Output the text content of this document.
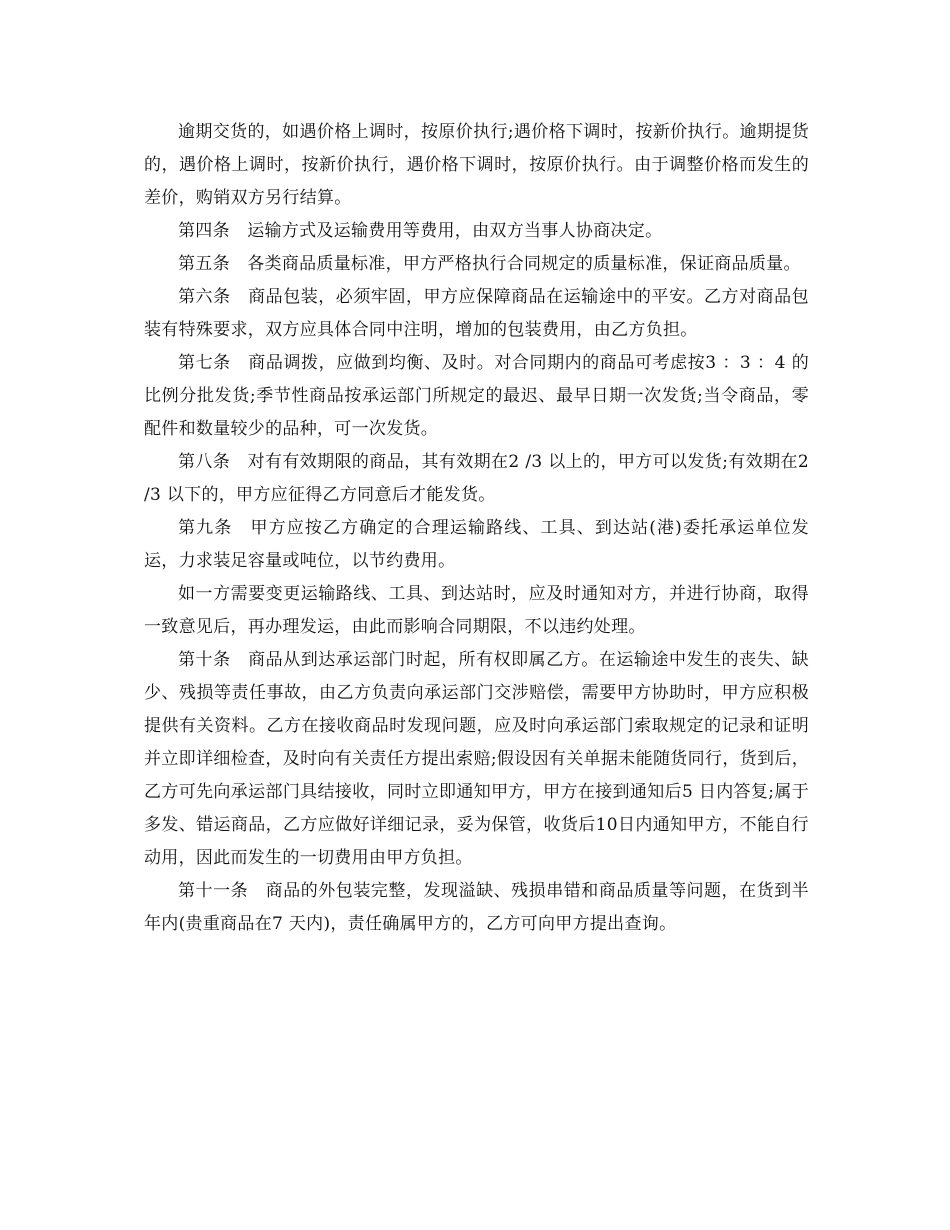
逾期交货的，如遇价格上调时，按原价执行;遇价格下调时，按新价执行。逾期提货的，遇价格上调时，按新价执行，遇价格下调时，按原价执行。由于调整价格而发生的差价，购销双方另行结算。

第四条　运输方式及运输费用等费用，由双方当事人协商决定。

第五条　各类商品质量标准，甲方严格执行合同规定的质量标准，保证商品质量。

第六条　商品包装，必须牢固，甲方应保障商品在运输途中的平安。乙方对商品包装有特殊要求，双方应具体合同中注明，增加的包装费用，由乙方负担。

第七条　商品调拨，应做到均衡、及时。对合同期内的商品可考虑按3 ：3 ：4 的比例分批发货;季节性商品按承运部门所规定的最迟、最早日期一次发货;当令商品，零配件和数量较少的品种，可一次发货。

第八条　对有有效期限的商品，其有效期在2 /3 以上的，甲方可以发货;有效期在2 /3 以下的，甲方应征得乙方同意后才能发货。

第九条　甲方应按乙方确定的合理运输路线、工具、到达站(港)委托承运单位发运，力求装足容量或吨位，以节约费用。

如一方需要变更运输路线、工具、到达站时，应及时通知对方，并进行协商，取得一致意见后，再办理发运，由此而影响合同期限，不以违约处理。

第十条　商品从到达承运部门时起，所有权即属乙方。在运输途中发生的丧失、缺少、残损等责任事故，由乙方负责向承运部门交涉赔偿，需要甲方协助时，甲方应积极提供有关资料。乙方在接收商品时发现问题，应及时向承运部门索取规定的记录和证明并立即详细检查，及时向有关责任方提出索赔;假设因有关单据未能随货同行，货到后，乙方可先向承运部门具结接收，同时立即通知甲方，甲方在接到通知后5 日内答复;属于多发、错运商品，乙方应做好详细记录，妥为保管，收货后10日内通知甲方，不能自行动用，因此而发生的一切费用由甲方负担。

第十一条　商品的外包装完整，发现溢缺、残损串错和商品质量等问题，在货到半年内(贵重商品在7 天内)，责任确属甲方的，乙方可向甲方提出查询。
